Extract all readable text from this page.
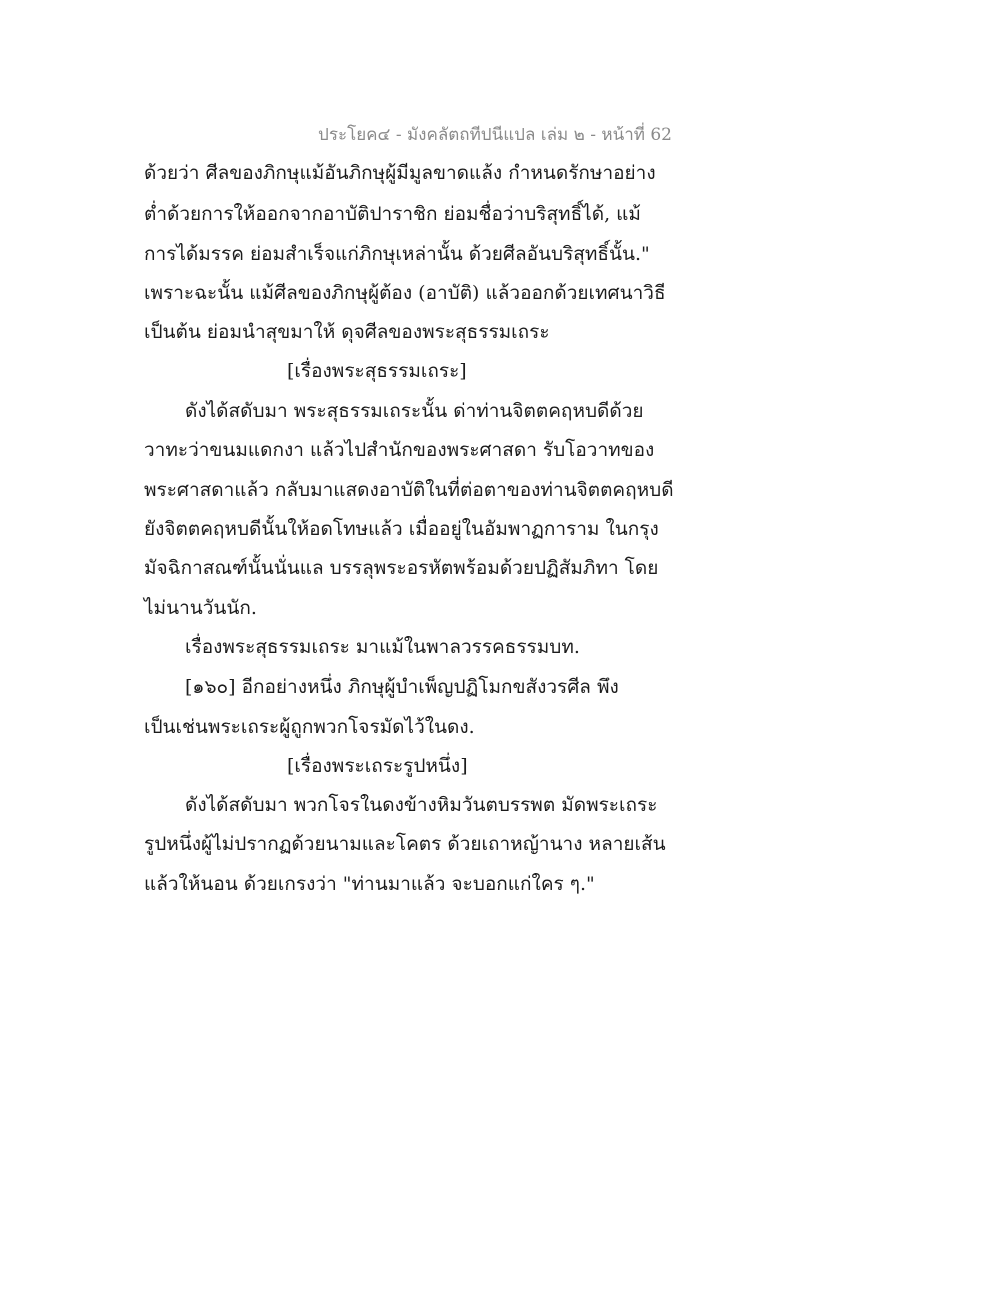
ประโยค๔ - มังคลัตถทีปนีแปล เล่ม ๒ - หน้าที่ 62
ด้วยว่า ศีลของภิกษุแม้อันภิกษุผู้มีมูลขาดแล้ง กำหนดรักษาอย่าง
ต่ำด้วยการให้ออกจากอาบัติปาราชิก ย่อมชื่อว่าบริสุทธิ์ได้, แม้
การได้มรรค ย่อมสำเร็จแก่ภิกษุเหล่านั้น ด้วยศีลอันบริสุทธิ์นั้น."
เพราะฉะนั้น แม้ศีลของภิกษุผู้ต้อง (อาบัติ) แล้วออกด้วยเทศนาวิธี
เป็นต้น ย่อมนำสุขมาให้ ดุจศีลของพระสุธรรมเถระ
[เรื่องพระสุธรรมเถระ]
ดังได้สดับมา พระสุธรรมเถระนั้น ด่าท่านจิตตคฤหบดีด้วย
วาทะว่าขนมแดกงา แล้วไปสำนักของพระศาสดา รับโอวาทของ
พระศาสดาแล้ว กลับมาแสดงอาบัติในที่ต่อตาของท่านจิตตคฤหบดี
ยังจิตตคฤหบดีนั้นให้อดโทษแล้ว เมื่ออยู่ในอัมพาฏการาม ในกรุง
มัจฉิกาสณฑ์นั้นนั่นแล บรรลุพระอรหัตพร้อมด้วยปฏิสัมภิทา โดย
ไม่นานวันนัก.
เรื่องพระสุธรรมเถระ มาแม้ในพาลวรรคธรรมบท.
[๑๖๐] อีกอย่างหนึ่ง ภิกษุผู้บำเพ็ญปฏิโมกขสังวรศีล พึง
เป็นเช่นพระเถระผู้ถูกพวกโจรมัดไว้ในดง.
[เรื่องพระเถระรูปหนึ่ง]
ดังได้สดับมา พวกโจรในดงข้างหิมวันตบรรพต มัดพระเถระ
รูปหนึ่งผู้ไม่ปรากฏด้วยนามและโคตร ด้วยเถาหญ้านาง หลายเส้น
แล้วให้นอน ด้วยเกรงว่า "ท่านมาแล้ว จะบอกแก่ใคร ๆ."
